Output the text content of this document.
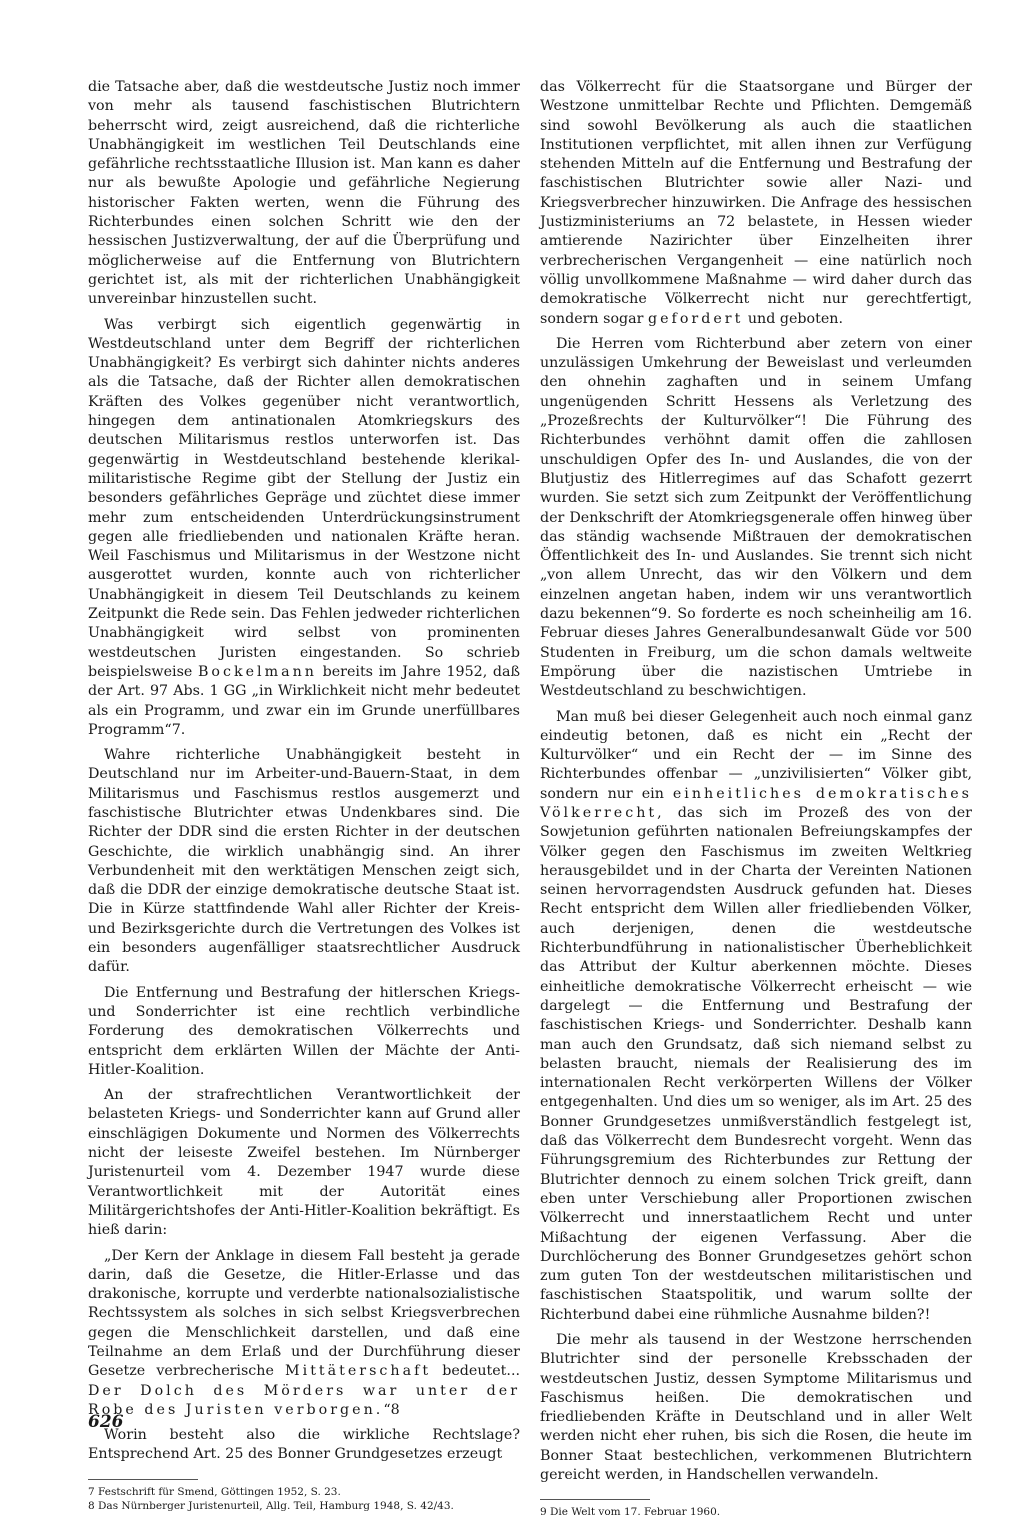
die Tatsache aber, daß die westdeutsche Justiz noch immer von mehr als tausend faschistischen Blutrichtern beherrscht wird, zeigt ausreichend, daß die richterliche Unabhängigkeit im westlichen Teil Deutschlands eine gefährliche rechtsstaatliche Illusion ist. Man kann es daher nur als bewußte Apologie und gefährliche Negierung historischer Fakten werten, wenn die Führung des Richterbundes einen solchen Schritt wie den der hessischen Justizverwaltung, der auf die Überprüfung und möglicherweise auf die Entfernung von Blutrichtern gerichtet ist, als mit der richterlichen Unabhängigkeit unvereinbar hinzustellen sucht.

Was verbirgt sich eigentlich gegenwärtig in Westdeutschland unter dem Begriff der richterlichen Unabhängigkeit? Es verbirgt sich dahinter nichts anderes als die Tatsache, daß der Richter allen demokratischen Kräften des Volkes gegenüber nicht verantwortlich, hingegen dem antinationalen Atomkriegskurs des deutschen Militarismus restlos unterworfen ist. Das gegenwärtig in Westdeutschland bestehende klerikal-militaristische Regime gibt der Stellung der Justiz ein besonders gefährliches Gepräge und züchtet diese immer mehr zum entscheidenden Unterdrückungsinstrument gegen alle friedliebenden und nationalen Kräfte heran. Weil Faschismus und Militarismus in der Westzone nicht ausgerottet wurden, konnte auch von richterlicher Unabhängigkeit in diesem Teil Deutschlands zu keinem Zeitpunkt die Rede sein. Das Fehlen jedweder richterlichen Unabhängigkeit wird selbst von prominenten westdeutschen Juristen eingestanden. So schrieb beispielsweise Bockelmann bereits im Jahre 1952, daß der Art. 97 Abs. 1 GG „in Wirklichkeit nicht mehr bedeutet als ein Programm, und zwar ein im Grunde unerfüllbares Programm“7.

Wahre richterliche Unabhängigkeit besteht in Deutschland nur im Arbeiter-und-Bauern-Staat, in dem Militarismus und Faschismus restlos ausgemerzt und faschistische Blutrichter etwas Undenkbares sind. Die Richter der DDR sind die ersten Richter in der deutschen Geschichte, die wirklich unabhängig sind. An ihrer Verbundenheit mit den werktätigen Menschen zeigt sich, daß die DDR der einzige demokratische deutsche Staat ist. Die in Kürze stattfindende Wahl aller Richter der Kreis- und Bezirksgerichte durch die Vertretungen des Volkes ist ein besonders augenfälliger staatsrechtlicher Ausdruck dafür.

Die Entfernung und Bestrafung der hitlerschen Kriegs- und Sonderrichter ist eine rechtlich verbindliche Forderung des demokratischen Völkerrechts und entspricht dem erklärten Willen der Mächte der Anti-Hitler-Koalition.

An der strafrechtlichen Verantwortlichkeit der belasteten Kriegs- und Sonderrichter kann auf Grund aller einschlägigen Dokumente und Normen des Völkerrechts nicht der leiseste Zweifel bestehen. Im Nürnberger Juristenurteil vom 4. Dezember 1947 wurde diese Verantwortlichkeit mit der Autorität eines Militärgerichtshofes der Anti-Hitler-Koalition bekräftigt. Es hieß darin:

„Der Kern der Anklage in diesem Fall besteht ja gerade darin, daß die Gesetze, die Hitler-Erlasse und das drakonische, korrupte und verderbte nationalsozialistische Rechtssystem als solches in sich selbst Kriegsverbrechen gegen die Menschlichkeit darstellen, und daß eine Teilnahme an dem Erlaß und der Durchführung dieser Gesetze verbrecherische Mittäterschaft bedeutet... Der Dolch des Mörders war unter der Robe des Juristen verborgen.“8

Worin besteht also die wirkliche Rechtslage? Entsprechend Art. 25 des Bonner Grundgesetzes erzeugt

7 Festschrift für Smend, Göttingen 1952, S. 23.

8 Das Nürnberger Juristenurteil, Allg. Teil, Hamburg 1948, S. 42/43.

das Völkerrecht für die Staatsorgane und Bürger der Westzone unmittelbar Rechte und Pflichten. Demgemäß sind sowohl Bevölkerung als auch die staatlichen Institutionen verpflichtet, mit allen ihnen zur Verfügung stehenden Mitteln auf die Entfernung und Bestrafung der faschistischen Blutrichter sowie aller Nazi- und Kriegsverbrecher hinzuwirken. Die Anfrage des hessischen Justizministeriums an 72 belastete, in Hessen wieder amtierende Nazirichter über Einzelheiten ihrer verbrecherischen Vergangenheit — eine natürlich noch völlig unvollkommene Maßnahme — wird daher durch das demokratische Völkerrecht nicht nur gerechtfertigt, sondern sogar gefordert und geboten.

Die Herren vom Richterbund aber zetern von einer unzulässigen Umkehrung der Beweislast und verleumden den ohnehin zaghaften und in seinem Umfang ungenügenden Schritt Hessens als Verletzung des „Prozeßrechts der Kulturvölker“! Die Führung des Richterbundes verhöhnt damit offen die zahllosen unschuldigen Opfer des In- und Auslandes, die von der Blutjustiz des Hitlerregimes auf das Schafott gezerrt wurden. Sie setzt sich zum Zeitpunkt der Veröffentlichung der Denkschrift der Atomkriegsgenerale offen hinweg über das ständig wachsende Mißtrauen der demokratischen Öffentlichkeit des In- und Auslandes. Sie trennt sich nicht „von allem Unrecht, das wir den Völkern und dem einzelnen angetan haben, indem wir uns verantwortlich dazu bekennen“9. So forderte es noch scheinheilig am 16. Februar dieses Jahres Generalbundesanwalt Güde vor 500 Studenten in Freiburg, um die schon damals weltweite Empörung über die nazistischen Umtriebe in Westdeutschland zu beschwichtigen.

Man muß bei dieser Gelegenheit auch noch einmal ganz eindeutig betonen, daß es nicht ein „Recht der Kulturvölker“ und ein Recht der — im Sinne des Richterbundes offenbar — „unzivilisierten“ Völker gibt, sondern nur ein einheitliches demokratisches Völkerrecht, das sich im Prozeß des von der Sowjetunion geführten nationalen Befreiungskampfes der Völker gegen den Faschismus im zweiten Weltkrieg herausgebildet und in der Charta der Vereinten Nationen seinen hervorragendsten Ausdruck gefunden hat. Dieses Recht entspricht dem Willen aller friedliebenden Völker, auch derjenigen, denen die westdeutsche Richterbundführung in nationalistischer Überheblichkeit das Attribut der Kultur aberkennen möchte. Dieses einheitliche demokratische Völkerrecht erheischt — wie dargelegt — die Entfernung und Bestrafung der faschistischen Kriegs- und Sonderrichter. Deshalb kann man auch den Grundsatz, daß sich niemand selbst zu belasten braucht, niemals der Realisierung des im internationalen Recht verkörperten Willens der Völker entgegenhalten. Und dies um so weniger, als im Art. 25 des Bonner Grundgesetzes unmißverständlich festgelegt ist, daß das Völkerrecht dem Bundesrecht vorgeht. Wenn das Führungsgremium des Richterbundes zur Rettung der Blutrichter dennoch zu einem solchen Trick greift, dann eben unter Verschiebung aller Proportionen zwischen Völkerrecht und innerstaatlichem Recht und unter Mißachtung der eigenen Verfassung. Aber die Durchlöcherung des Bonner Grundgesetzes gehört schon zum guten Ton der westdeutschen militaristischen und faschistischen Staatspolitik, und warum sollte der Richterbund dabei eine rühmliche Ausnahme bilden?!

Die mehr als tausend in der Westzone herrschenden Blutrichter sind der personelle Krebsschaden der westdeutschen Justiz, dessen Symptome Militarismus und Faschismus heißen. Die demokratischen und friedliebenden Kräfte in Deutschland und in aller Welt werden nicht eher ruhen, bis sich die Rosen, die heute im Bonner Staat bestechlichen, verkommenen Blutrichtern gereicht werden, in Handschellen verwandeln.

9 Die Welt vom 17. Februar 1960.

626
